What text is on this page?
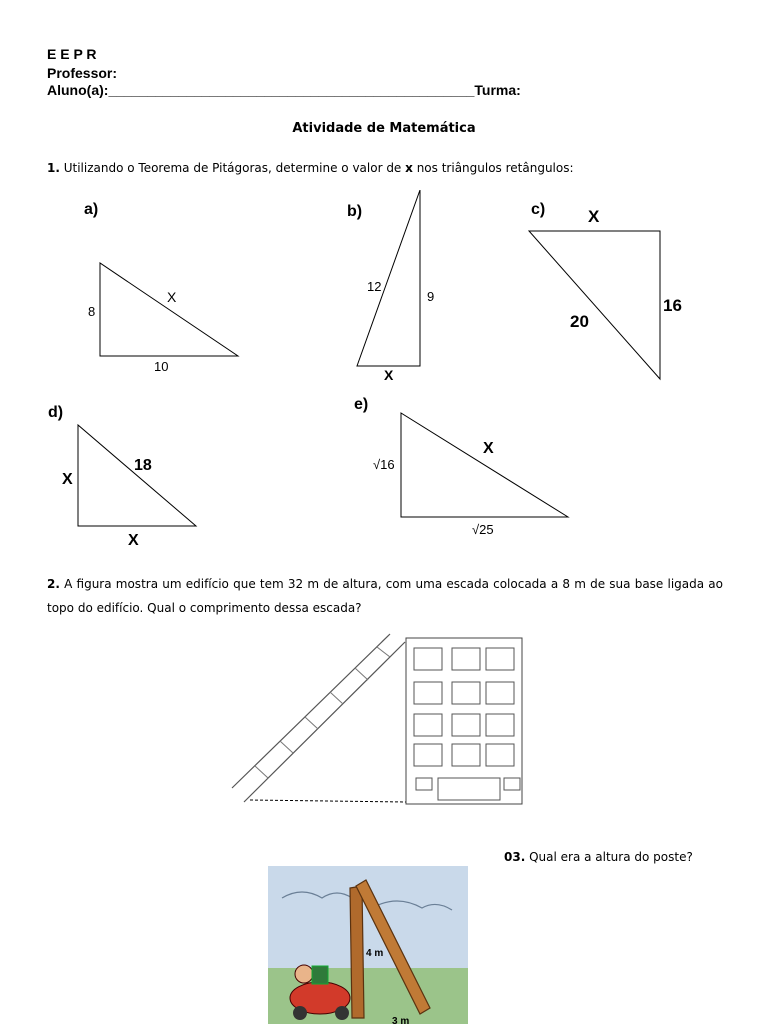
E E P R
Professor:
Aluno(a):_______________________________________________Turma:
Atividade de Matemática
1. Utilizando o Teorema de Pitágoras, determine o valor de x nos triângulos retângulos:
a)
8
X
10
b)
12
9
X
c)	X
16
20
d)
X
18
X
e)
√16
X
√25
2. A figura mostra um edifício que tem 32 m de altura, com uma escada colocada a 8 m de sua base ligada ao topo do edifício. Qual o comprimento dessa escada?
03. Qual era a altura do poste?
4 m
3 m
